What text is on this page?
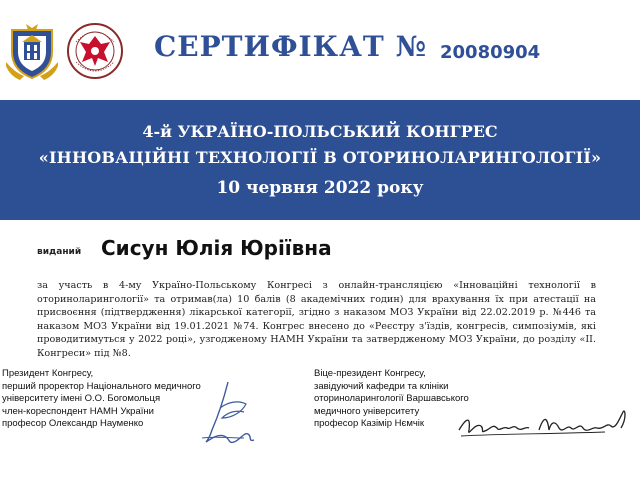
СЕРТИФІКАТ № 20080904
4-й УКРАЇНО-ПОЛЬСЬКИЙ КОНГРЕС
«ІННОВАЦІЙНІ ТЕХНОЛОГІЇ В ОТОРИНОЛАРИНГОЛОГІЇ»
10 червня 2022 року
виданий Сисун Юлія Юріївна
за участь в 4-му Україно-Польському Конгресі з онлайн-трансляцією «Інноваційні технології в оториноларингології» та отримав(ла) 10 балів (8 академічних годин) для врахування їх при атестації на присвоєння (підтвердження) лікарської категорії, згідно з наказом МОЗ України від 22.02.2019 р. №446 та наказом МОЗ України від 19.01.2021 №74. Конгрес внесено до «Реєстру з'їздів, конгресів, симпозіумів, які проводитимуться у 2022 році», узгодженому НАМН України та затвердженому МОЗ України, до розділу «ІІ. Конгреси» під №8.
Президент Конгресу,
перший проректор Національного медичного
університету імені О.О. Богомольця
член-кореспондент НАМН України
професор Олександр Науменко
Віце-президент Конгресу,
завідуючий кафедри та клініки
оториноларингології Варшавського
медичного університету
професор Казімір Нємчік
